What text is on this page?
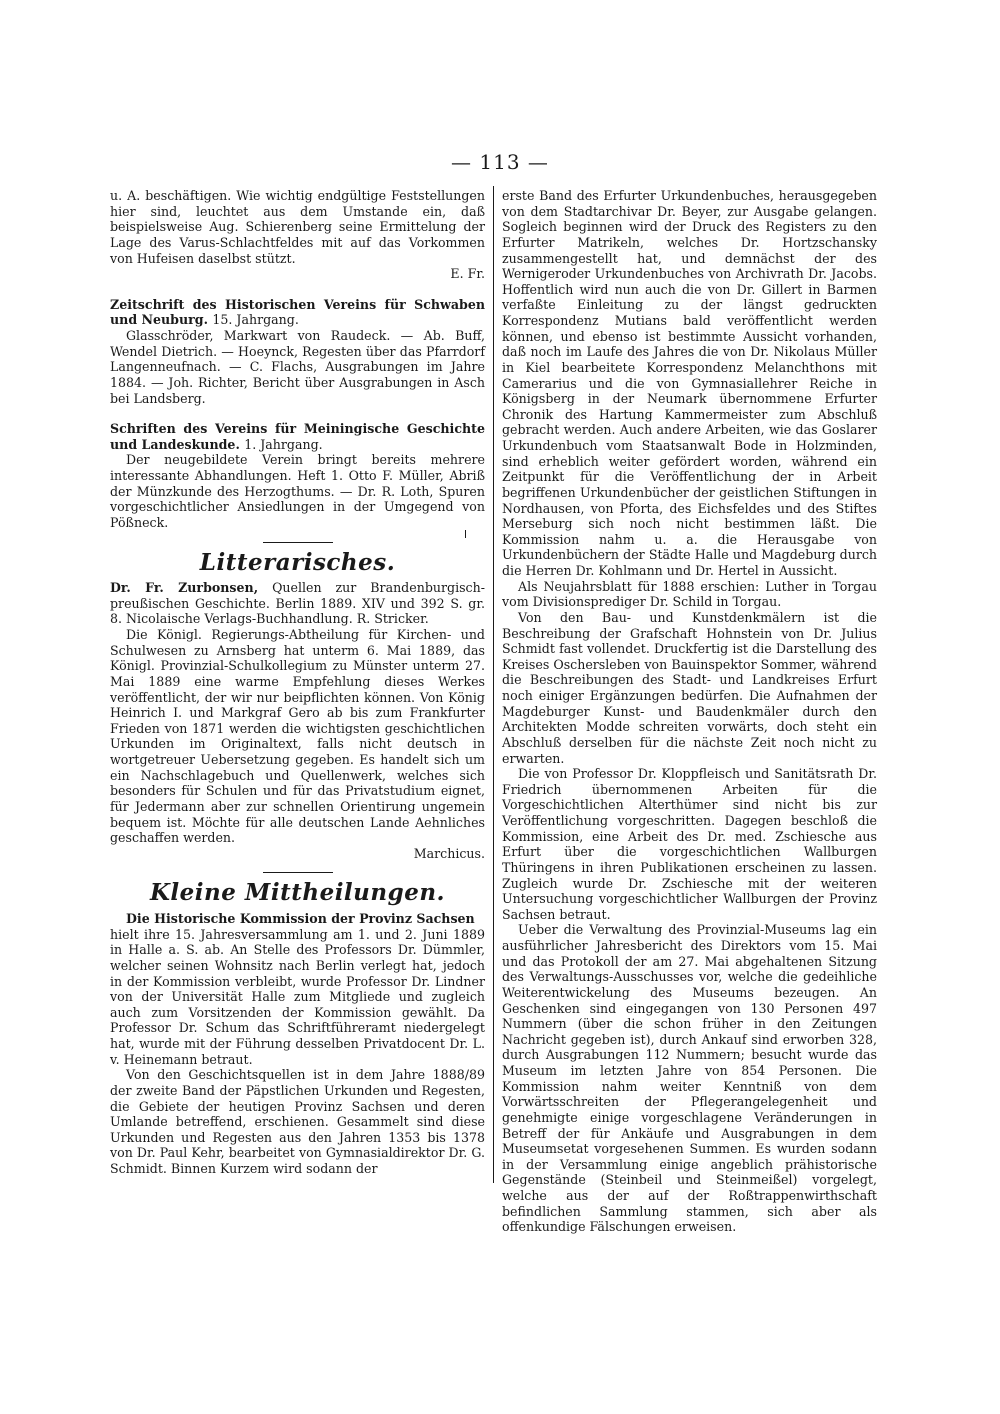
— 113 —

u. A. beschäftigen. Wie wichtig endgültige Feststellungen hier sind, leuchtet aus dem Umstande ein, daß beispielsweise Aug. Schierenberg seine Ermittelung der Lage des Varus-Schlachtfeldes mit auf das Vorkommen von Hufeisen daselbst stützt.

E. Fr.

Zeitschrift des Historischen Vereins für Schwaben und Neuburg. 15. Jahrgang.

Glasschröder, Markwart von Raudeck. — Ab. Buff, Wendel Dietrich. — Hoeynck, Regesten über das Pfarrdorf Langenneufnach. — C. Flachs, Ausgrabungen im Jahre 1884. — Joh. Richter, Bericht über Ausgrabungen in Asch bei Landsberg.

Schriften des Vereins für Meiningische Geschichte und Landeskunde. 1. Jahrgang.

Der neugebildete Verein bringt bereits mehrere interessante Abhandlungen. Heft 1. Otto F. Müller, Abriß der Münzkunde des Herzogthums. — Dr. R. Loth, Spuren vorgeschichtlicher Ansiedlungen in der Umgegend von Pößneck.

Litterarisches.

Dr. Fr. Zurbonsen, Quellen zur Brandenburgisch-preußischen Geschichte. Berlin 1889. XIV und 392 S. gr. 8. Nicolaische Verlags-Buchhandlung. R. Stricker.

Die Königl. Regierungs-Abtheilung für Kirchen- und Schulwesen zu Arnsberg hat unterm 6. Mai 1889, das Königl. Provinzial-Schulkollegium zu Münster unterm 27. Mai 1889 eine warme Empfehlung dieses Werkes veröffentlicht, der wir nur beipflichten können. Von König Heinrich I. und Markgraf Gero ab bis zum Frankfurter Frieden von 1871 werden die wichtigsten geschichtlichen Urkunden im Originaltext, falls nicht deutsch in wortgetreuer Uebersetzung gegeben. Es handelt sich um ein Nachschlagebuch und Quellenwerk, welches sich besonders für Schulen und für das Privatstudium eignet, für Jedermann aber zur schnellen Orientirung ungemein bequem ist. Möchte für alle deutschen Lande Aehnliches geschaffen werden.

Marchicus.

Kleine Mittheilungen.

Die Historische Kommission der Provinz Sachsen

hielt ihre 15. Jahresversammlung am 1. und 2. Juni 1889 in Halle a. S. ab. An Stelle des Professors Dr. Dümmler, welcher seinen Wohnsitz nach Berlin verlegt hat, jedoch in der Kommission verbleibt, wurde Professor Dr. Lindner von der Universität Halle zum Mitgliede und zugleich auch zum Vorsitzenden der Kommission gewählt. Da Professor Dr. Schum das Schriftführeramt niedergelegt hat, wurde mit der Führung desselben Privatdocent Dr. L. v. Heinemann betraut.

Von den Geschichtsquellen ist in dem Jahre 1888/89 der zweite Band der Päpstlichen Urkunden und Regesten, die Gebiete der heutigen Provinz Sachsen und deren Umlande betreffend, erschienen. Gesammelt sind diese Urkunden und Regesten aus den Jahren 1353 bis 1378 von Dr. Paul Kehr, bearbeitet von Gymnasialdirektor Dr. G. Schmidt. Binnen Kurzem wird sodann der

erste Band des Erfurter Urkundenbuches, herausgegeben von dem Stadtarchivar Dr. Beyer, zur Ausgabe gelangen. Sogleich beginnen wird der Druck des Registers zu den Erfurter Matrikeln, welches Dr. Hortzschansky zusammengestellt hat, und demnächst der des Wernigeroder Urkundenbuches von Archivrath Dr. Jacobs. Hoffentlich wird nun auch die von Dr. Gillert in Barmen verfaßte Einleitung zu der längst gedruckten Korrespondenz Mutians bald veröffentlicht werden können, und ebenso ist bestimmte Aussicht vorhanden, daß noch im Laufe des Jahres die von Dr. Nikolaus Müller in Kiel bearbeitete Korrespondenz Melanchthons mit Camerarius und die von Gymnasiallehrer Reiche in Königsberg in der Neumark übernommene Erfurter Chronik des Hartung Kammermeister zum Abschluß gebracht werden. Auch andere Arbeiten, wie das Goslarer Urkundenbuch vom Staatsanwalt Bode in Holzminden, sind erheblich weiter gefördert worden, während ein Zeitpunkt für die Veröffentlichung der in Arbeit begriffenen Urkundenbücher der geistlichen Stiftungen in Nordhausen, von Pforta, des Eichsfeldes und des Stiftes Merseburg sich noch nicht bestimmen läßt. Die Kommission nahm u. a. die Herausgabe von Urkundenbüchern der Städte Halle und Magdeburg durch die Herren Dr. Kohlmann und Dr. Hertel in Aussicht.

Als Neujahrsblatt für 1888 erschien: Luther in Torgau vom Divisionsprediger Dr. Schild in Torgau.

Von den Bau- und Kunstdenkmälern ist die Beschreibung der Grafschaft Hohnstein von Dr. Julius Schmidt fast vollendet. Druckfertig ist die Darstellung des Kreises Oschersleben von Bauinspektor Sommer, während die Beschreibungen des Stadt- und Landkreises Erfurt noch einiger Ergänzungen bedürfen. Die Aufnahmen der Magdeburger Kunst- und Baudenkmäler durch den Architekten Modde schreiten vorwärts, doch steht ein Abschluß derselben für die nächste Zeit noch nicht zu erwarten.

Die von Professor Dr. Kloppfleisch und Sanitätsrath Dr. Friedrich übernommenen Arbeiten für die Vorgeschichtlichen Alterthümer sind nicht bis zur Veröffentlichung vorgeschritten. Dagegen beschloß die Kommission, eine Arbeit des Dr. med. Zschiesche aus Erfurt über die vorgeschichtlichen Wallburgen Thüringens in ihren Publikationen erscheinen zu lassen. Zugleich wurde Dr. Zschiesche mit der weiteren Untersuchung vorgeschichtlicher Wallburgen der Provinz Sachsen betraut.

Ueber die Verwaltung des Provinzial-Museums lag ein ausführlicher Jahresbericht des Direktors vom 15. Mai und das Protokoll der am 27. Mai abgehaltenen Sitzung des Verwaltungs-Ausschusses vor, welche die gedeihliche Weiterentwickelung des Museums bezeugen. An Geschenken sind eingegangen von 130 Personen 497 Nummern (über die schon früher in den Zeitungen Nachricht gegeben ist), durch Ankauf sind erworben 328, durch Ausgrabungen 112 Nummern; besucht wurde das Museum im letzten Jahre von 854 Personen. Die Kommission nahm weiter Kenntniß von dem Vorwärtsschreiten der Pflegerangelegenheit und genehmigte einige vorgeschlagene Veränderungen in Betreff der für Ankäufe und Ausgrabungen in dem Museumsetat vorgesehenen Summen. Es wurden sodann in der Versammlung einige angeblich prähistorische Gegenstände (Steinbeil und Steinmeißel) vorgelegt, welche aus der auf der Roßtrappenwirthschaft befindlichen Sammlung stammen, sich aber als offenkundige Fälschungen erweisen.
